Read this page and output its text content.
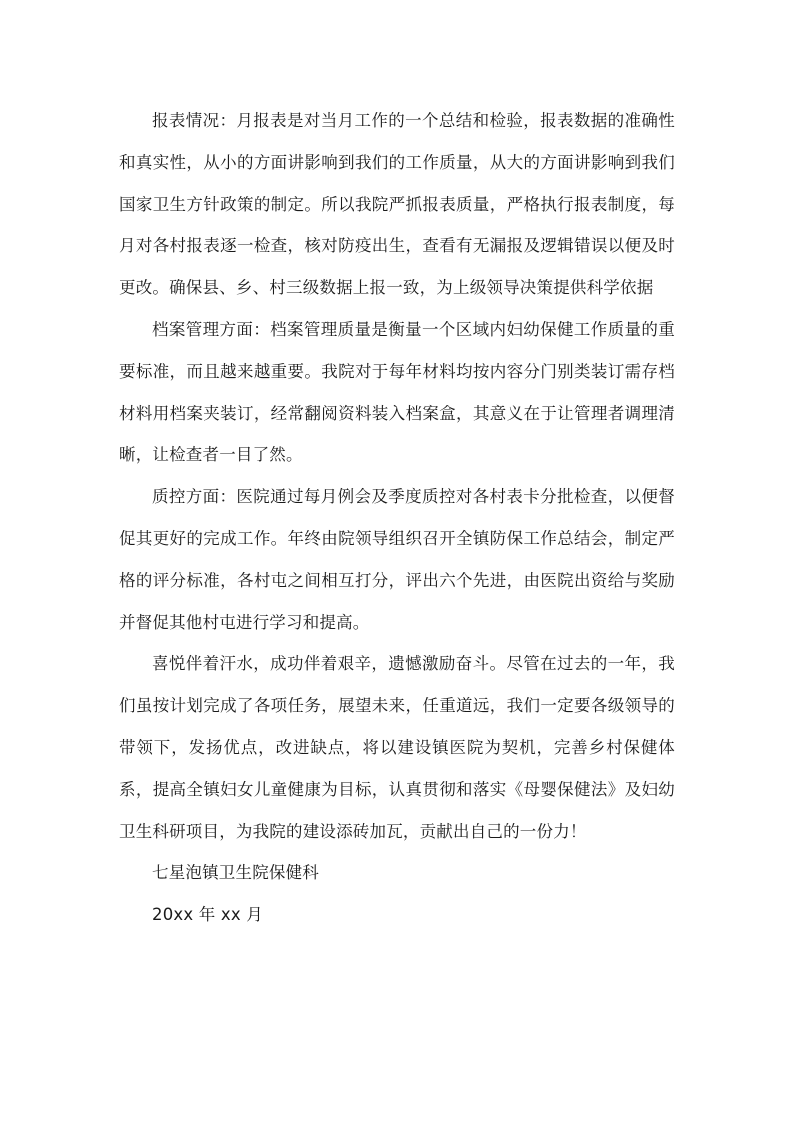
报表情况：月报表是对当月工作的一个总结和检验，报表数据的准确性和真实性，从小的方面讲影响到我们的工作质量，从大的方面讲影响到我们国家卫生方针政策的制定。所以我院严抓报表质量，严格执行报表制度，每月对各村报表逐一检查，核对防疫出生，查看有无漏报及逻辑错误以便及时更改。确保县、乡、村三级数据上报一致，为上级领导决策提供科学依据

档案管理方面：档案管理质量是衡量一个区域内妇幼保健工作质量的重要标准，而且越来越重要。我院对于每年材料均按内容分门别类装订需存档材料用档案夹装订，经常翻阅资料装入档案盒，其意义在于让管理者调理清晰，让检查者一目了然。

质控方面：医院通过每月例会及季度质控对各村表卡分批检查，以便督促其更好的完成工作。年终由院领导组织召开全镇防保工作总结会，制定严格的评分标准，各村屯之间相互打分，评出六个先进，由医院出资给与奖励并督促其他村屯进行学习和提高。

喜悦伴着汗水，成功伴着艰辛，遗憾激励奋斗。尽管在过去的一年，我们虽按计划完成了各项任务，展望未来，任重道远，我们一定要各级领导的带领下，发扬优点，改进缺点，将以建设镇医院为契机，完善乡村保健体系，提高全镇妇女儿童健康为目标，认真贯彻和落实《母婴保健法》及妇幼卫生科研项目，为我院的建设添砖加瓦，贡献出自己的一份力！

七星泡镇卫生院保健科

20xx 年 xx 月
